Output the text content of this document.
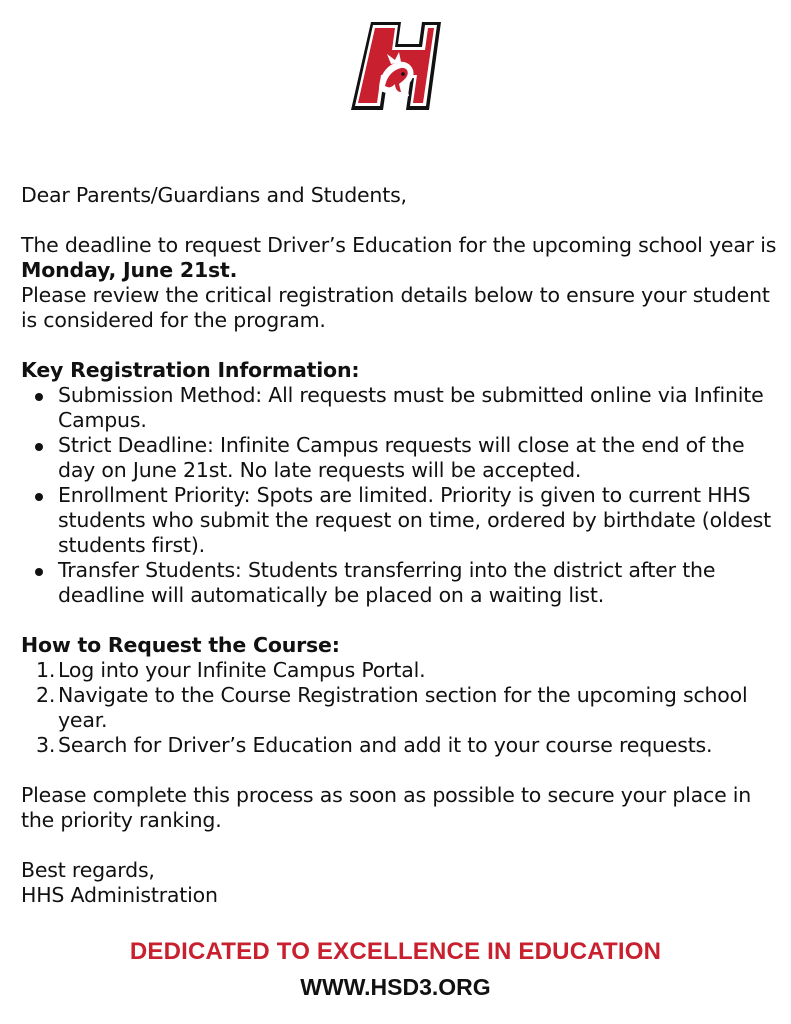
Dear Parents/Guardians and Students,

The deadline to request Driver’s Education for the upcoming school year is Monday, June 21st.

Please review the critical registration details below to ensure your student is considered for the program.

Key Registration Information:

Submission Method: All requests must be submitted online via Infinite Campus.
Strict Deadline: Infinite Campus requests will close at the end of the day on June 21st. No late requests will be accepted.
Enrollment Priority: Spots are limited. Priority is given to current HHS students who submit the request on time, ordered by birthdate (oldest students first).
Transfer Students: Students transferring into the district after the deadline will automatically be placed on a waiting list.

How to Request the Course:

1. Log into your Infinite Campus Portal.
2. Navigate to the Course Registration section for the upcoming school year.
3. Search for Driver’s Education and add it to your course requests.

Please complete this process as soon as possible to secure your place in the priority ranking.

Best regards,

HHS Administration

DEDICATED TO EXCELLENCE IN EDUCATION
WWW.HSD3.ORG
